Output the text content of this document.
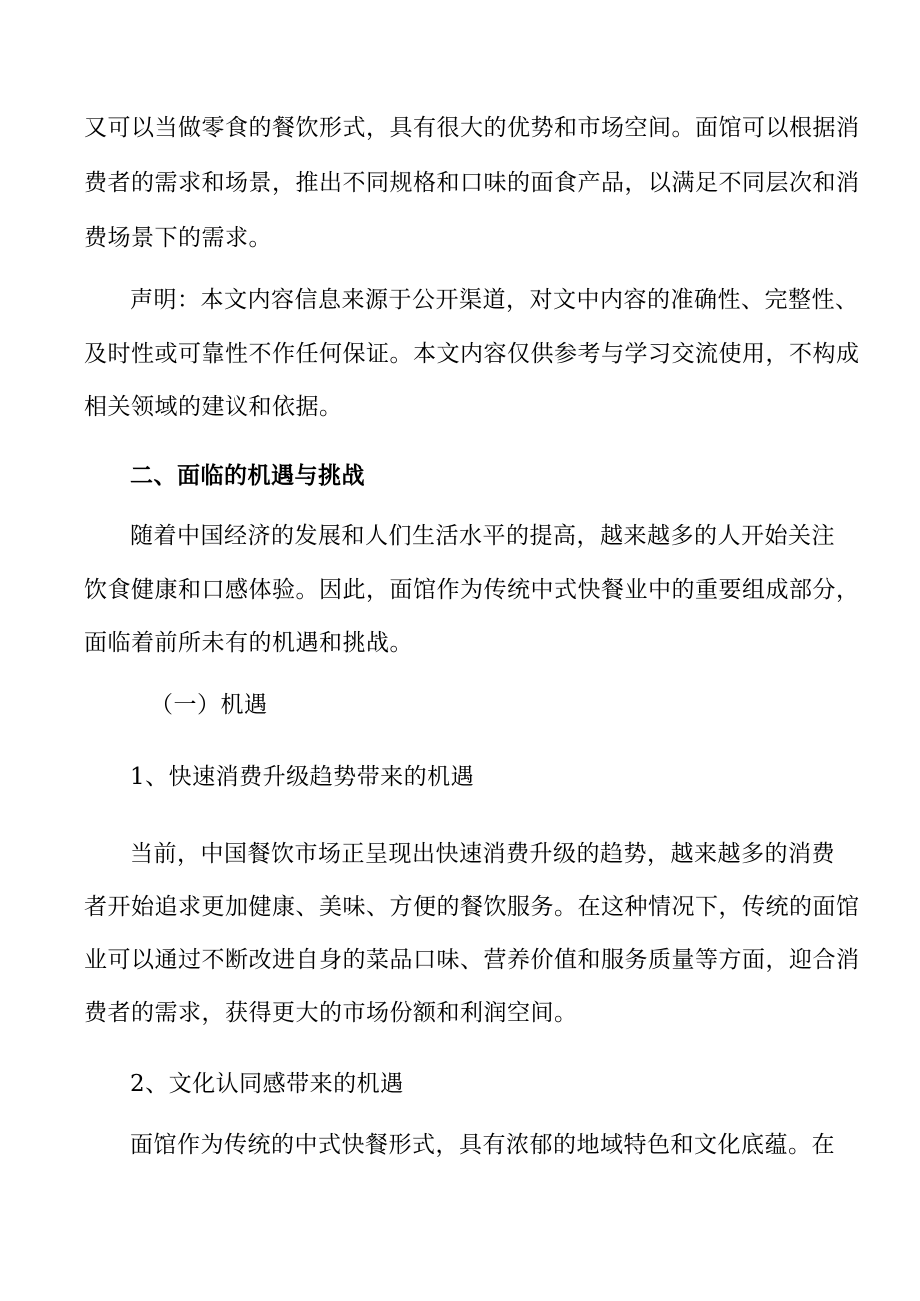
又可以当做零食的餐饮形式，具有很大的优势和市场空间。面馆可以根据消
费者的需求和场景，推出不同规格和口味的面食产品，以满足不同层次和消
费场景下的需求。
声明：本文内容信息来源于公开渠道，对文中内容的准确性、完整性、
及时性或可靠性不作任何保证。本文内容仅供参考与学习交流使用，不构成
相关领域的建议和依据。
二、面临的机遇与挑战
随着中国经济的发展和人们生活水平的提高，越来越多的人开始关注
饮食健康和口感体验。因此，面馆作为传统中式快餐业中的重要组成部分，
面临着前所未有的机遇和挑战。
（一）机遇
1、快速消费升级趋势带来的机遇
当前，中国餐饮市场正呈现出快速消费升级的趋势，越来越多的消费
者开始追求更加健康、美味、方便的餐饮服务。在这种情况下，传统的面馆
业可以通过不断改进自身的菜品口味、营养价值和服务质量等方面，迎合消
费者的需求，获得更大的市场份额和利润空间。
2、文化认同感带来的机遇
面馆作为传统的中式快餐形式，具有浓郁的地域特色和文化底蕴。在
